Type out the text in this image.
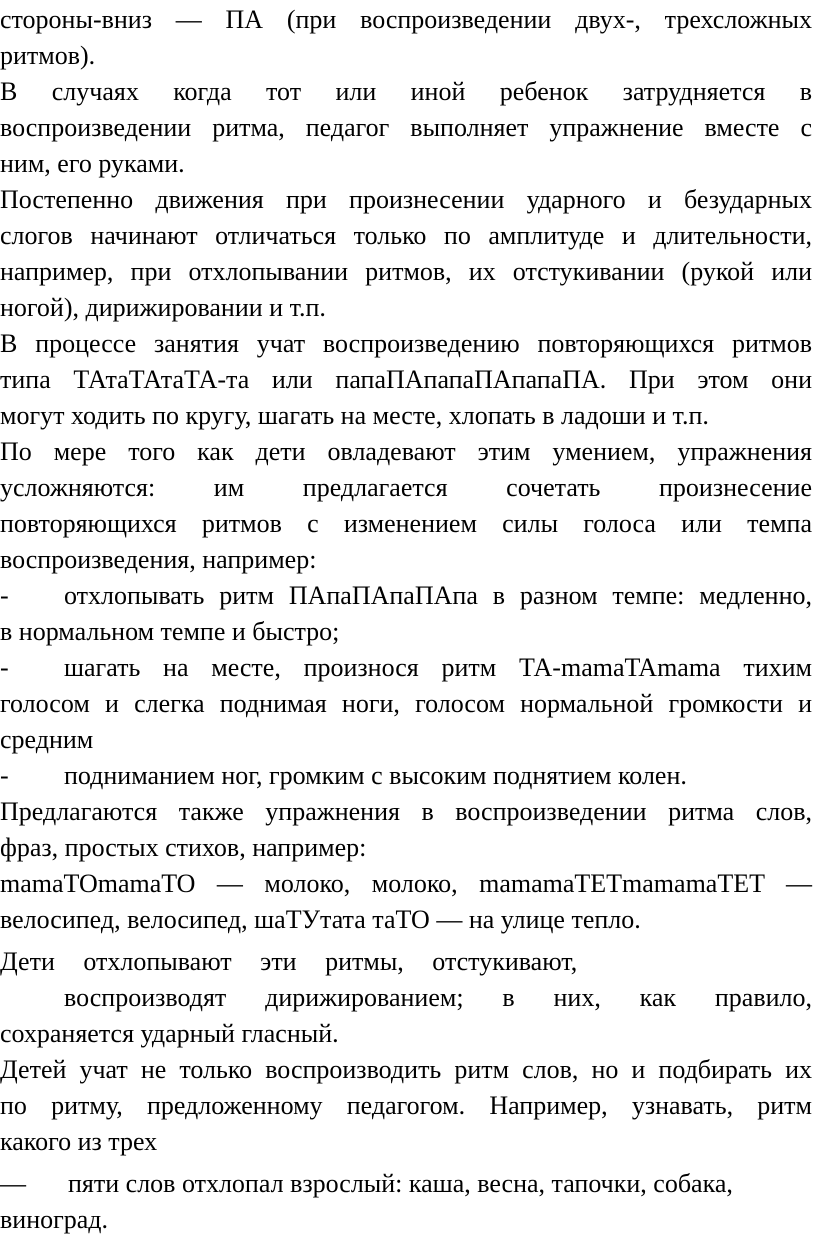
стороны-вниз — ПА (при воспроизведении двух-, трехсложных

ритмов).

В случаях когда тот или иной ребенок затрудняется в

воспроизведении ритма, педагог выполняет упражнение вместе с

ним, его руками.

Постепенно движения при произнесении ударного и безударных

слогов начинают отличаться только по амплитуде и длительности,

например, при отхлопывании ритмов, их отстукивании (рукой или

ногой), дирижировании и т.п.

В процессе занятия учат воспроизведению повторяющихся ритмов

типа ТАтаТАтаТА-та или папаПАпапаПАпапаПА. При этом они

могут ходить по кругу, шагать на месте, хлопать в ладоши и т.п.

По мере того как дети овладевают этим умением, упражнения

усложняются: им предлагается сочетать произнесение

повторяющихся ритмов с изменением силы голоса или темпа

воспроизведения, например:

-	отхлопывать ритм ПАпаПАпаПАпа в разном темпе: медленно,

в нормальном темпе и быстро;

-	шагать на месте, произнося ритм ТА-mamaTAmama тихим

голосом и слегка поднимая ноги, голосом нормальной громкости и

средним

-	подниманием ног, громким с высоким поднятием колен.

Предлагаются также упражнения в воспроизведении ритма слов,

фраз, простых стихов, например:

mamaTOmamaTO — молоко, молоко, mamamaTETmamamaTET —

велосипед, велосипед, шаТУтата таТО — на улице тепло.

Дети отхлопывают эти ритмы, отстукивают,

воспроизводят дирижированием; в них, как правило,

сохраняется ударный гласный.

Детей учат не только воспроизводить ритм слов, но и подбирать их

по ритму, предложенному педагогом. Например, узнавать, ритм

какого из трех

—	пяти слов отхлопал взрослый: каша, весна, тапочки, собака,

виноград.
